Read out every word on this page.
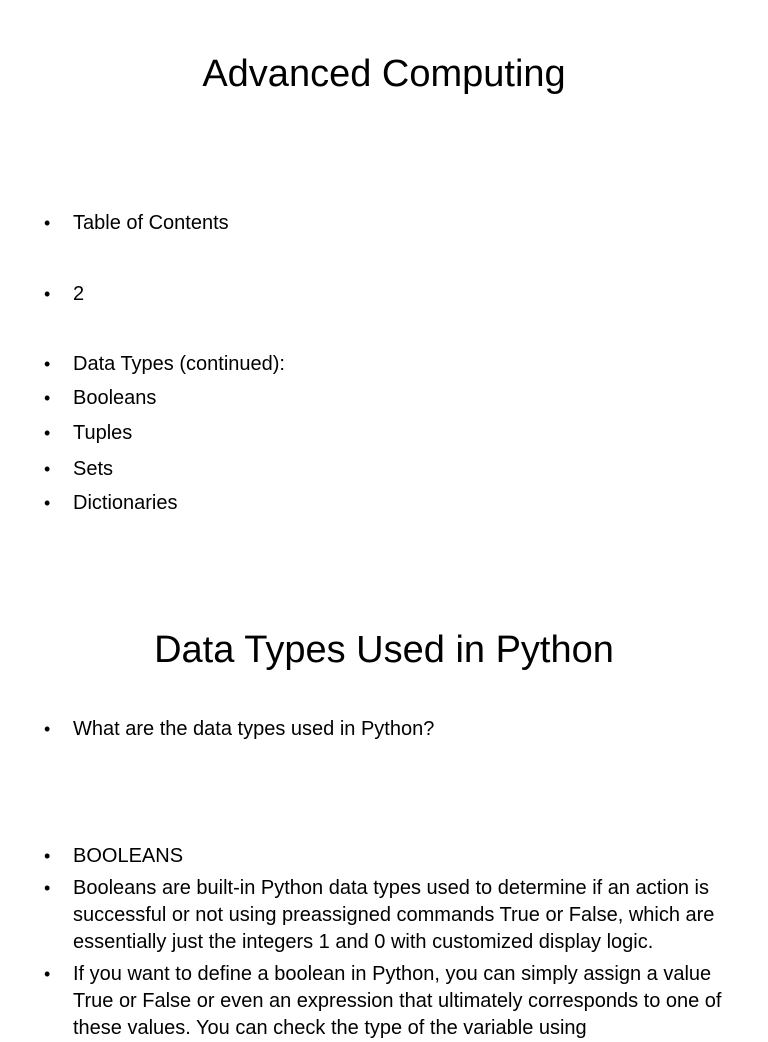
Advanced Computing
•	Table of Contents
•	2
•	Data Types (continued):
•	Booleans
•	Tuples
•	Sets
•	Dictionaries
Data Types Used in Python
•	What are the data types used in Python?
•	BOOLEANS
•	Booleans are built-in Python data types used to determine if an action is successful or not using preassigned commands True or False, which are essentially just the integers 1 and 0 with customized display logic.
•	If you want to define a boolean in Python, you can simply assign a value True or False or even an expression that ultimately corresponds to one of these values. You can check the type of the variable using
